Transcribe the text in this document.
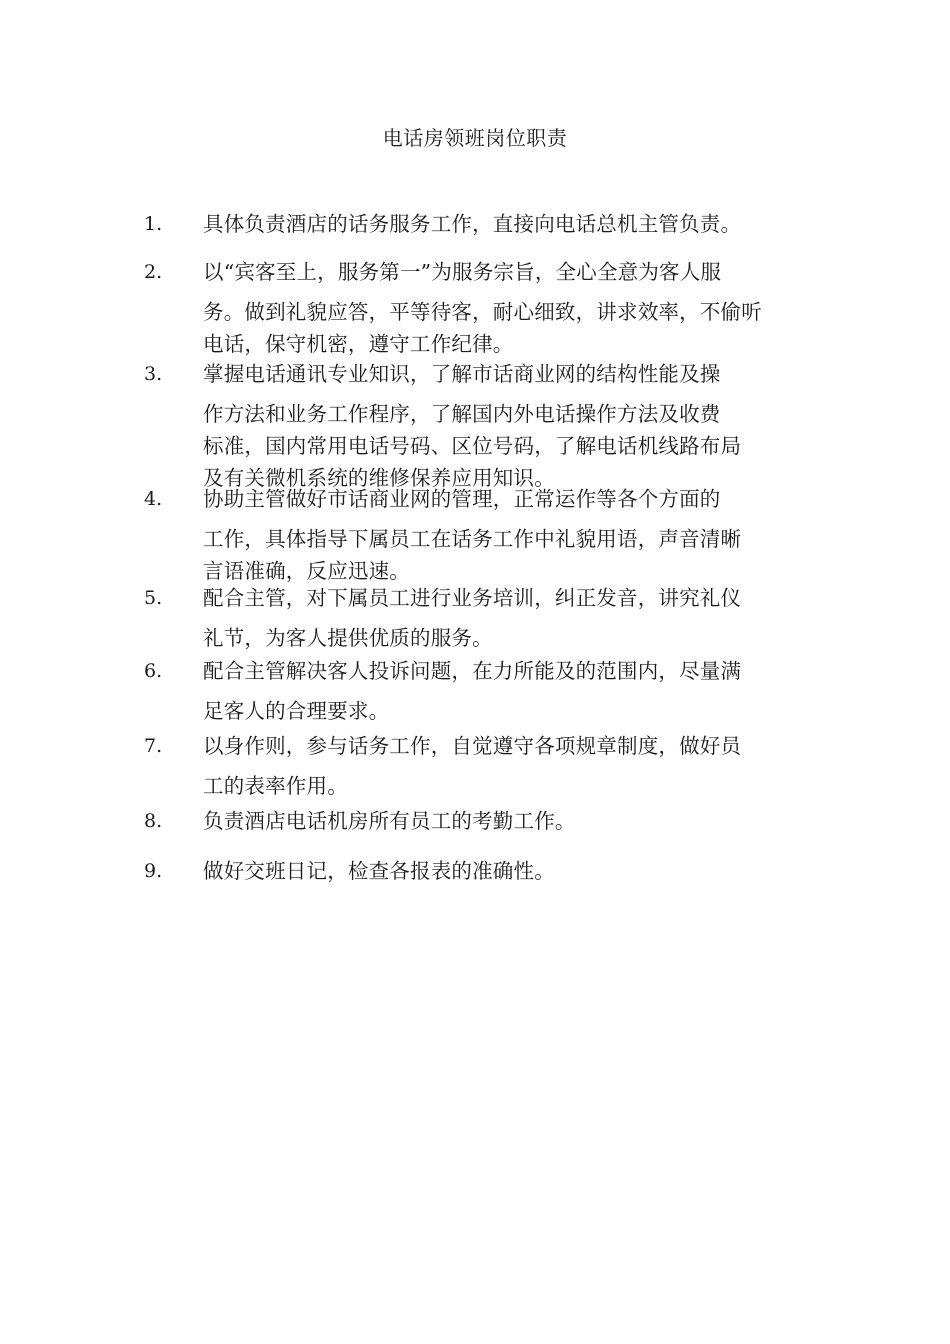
电话房领班岗位职责
1.	具体负责酒店的话务服务工作，直接向电话总机主管负责。
2.	以“宾客至上，服务第一”为服务宗旨，全心全意为客人服
务。做到礼貌应答，平等待客，耐心细致，讲求效率，不偷听
电话，保守机密，遵守工作纪律。
3.	掌握电话通讯专业知识，了解市话商业网的结构性能及操
作方法和业务工作程序，了解国内外电话操作方法及收费
标准，国内常用电话号码、区位号码，了解电话机线路布局
及有关微机系统的维修保养应用知识。
4.	协助主管做好市话商业网的管理，正常运作等各个方面的
工作，具体指导下属员工在话务工作中礼貌用语，声音清晰
言语准确，反应迅速。
5.	配合主管，对下属员工进行业务培训，纠正发音，讲究礼仪
礼节，为客人提供优质的服务。
6.	配合主管解决客人投诉问题，在力所能及的范围内，尽量满
足客人的合理要求。
7.	以身作则，参与话务工作，自觉遵守各项规章制度，做好员
工的表率作用。
8.	负责酒店电话机房所有员工的考勤工作。
9.	做好交班日记，检查各报表的准确性。
